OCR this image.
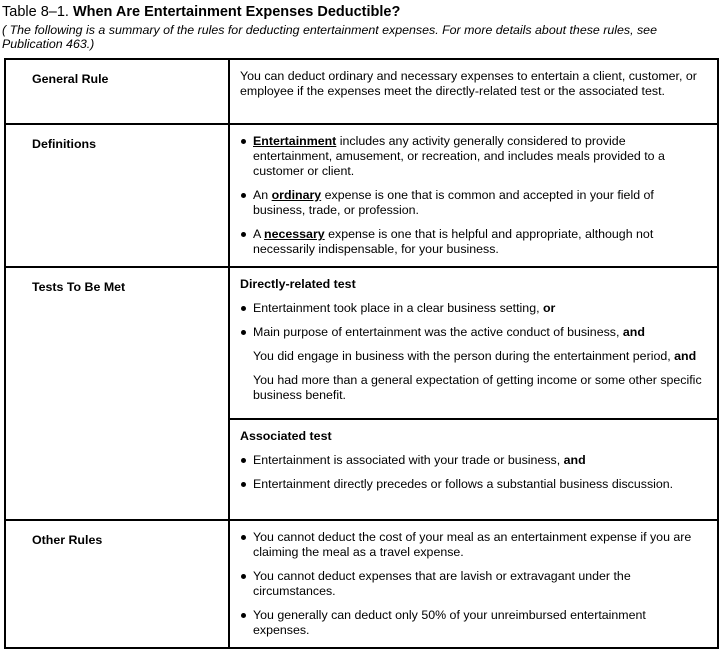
Table 8–1. When Are Entertainment Expenses Deductible?
( The following is a summary of the rules for deducting entertainment expenses. For more details about these rules, see Publication 463.)
General Rule	You can deduct ordinary and necessary expenses to entertain a client, customer, or employee if the expenses meet the directly-related test or the associated test.
Definitions	Entertainment includes any activity generally considered to provide entertainment, amusement, or recreation, and includes meals provided to a customer or client.
An ordinary expense is one that is common and accepted in your field of business, trade, or profession.
A necessary expense is one that is helpful and appropriate, although not necessarily indispensable, for your business.
Tests To Be Met	Directly-related test
Entertainment took place in a clear business setting, or
Main purpose of entertainment was the active conduct of business, and
You did engage in business with the person during the entertainment period, and
You had more than a general expectation of getting income or some other specific business benefit.
Associated test
Entertainment is associated with your trade or business, and
Entertainment directly precedes or follows a substantial business discussion.
Other Rules	You cannot deduct the cost of your meal as an entertainment expense if you are claiming the meal as a travel expense.
You cannot deduct expenses that are lavish or extravagant under the circumstances.
You generally can deduct only 50% of your unreimbursed entertainment expenses.
